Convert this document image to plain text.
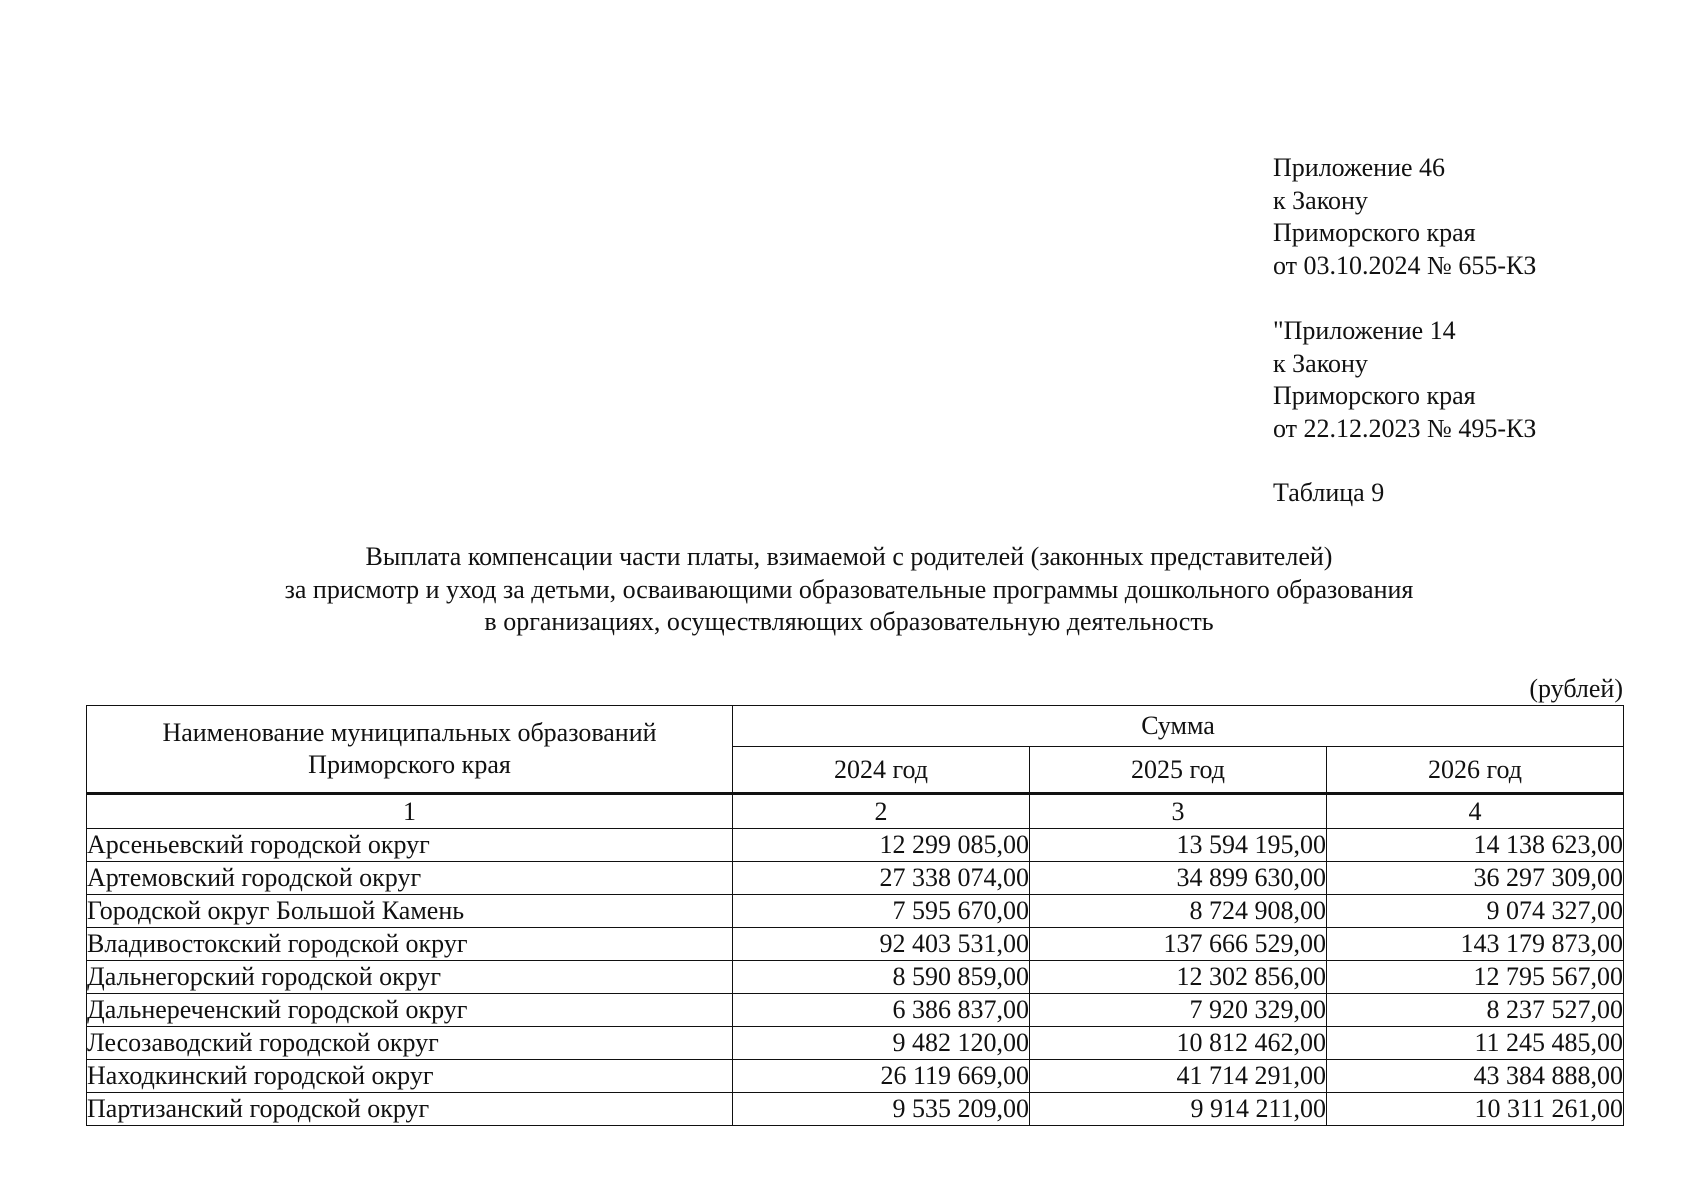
Приложение 46
к Закону
Приморского края
от 03.10.2024 № 655-КЗ
"Приложение 14
к Закону
Приморского края
от 22.12.2023 № 495-КЗ
Таблица 9
Выплата компенсации части платы, взимаемой с родителей (законных представителей)
за присмотр и уход за детьми, осваивающими образовательные программы дошкольного образования
в организациях, осуществляющих образовательную деятельность
(рублей)
Наименование муниципальных образований Приморского края	Сумма		
	2024 год	2025 год	2026 год
1	2	3	4
Арсеньевский городской округ	12 299 085,00	13 594 195,00	14 138 623,00
Артемовский городской округ	27 338 074,00	34 899 630,00	36 297 309,00
Городской округ Большой Камень	7 595 670,00	8 724 908,00	9 074 327,00
Владивостокский городской округ	92 403 531,00	137 666 529,00	143 179 873,00
Дальнегорский городской округ	8 590 859,00	12 302 856,00	12 795 567,00
Дальнереченский городской округ	6 386 837,00	7 920 329,00	8 237 527,00
Лесозаводский городской округ	9 482 120,00	10 812 462,00	11 245 485,00
Находкинский городской округ	26 119 669,00	41 714 291,00	43 384 888,00
Партизанский городской округ	9 535 209,00	9 914 211,00	10 311 261,00
